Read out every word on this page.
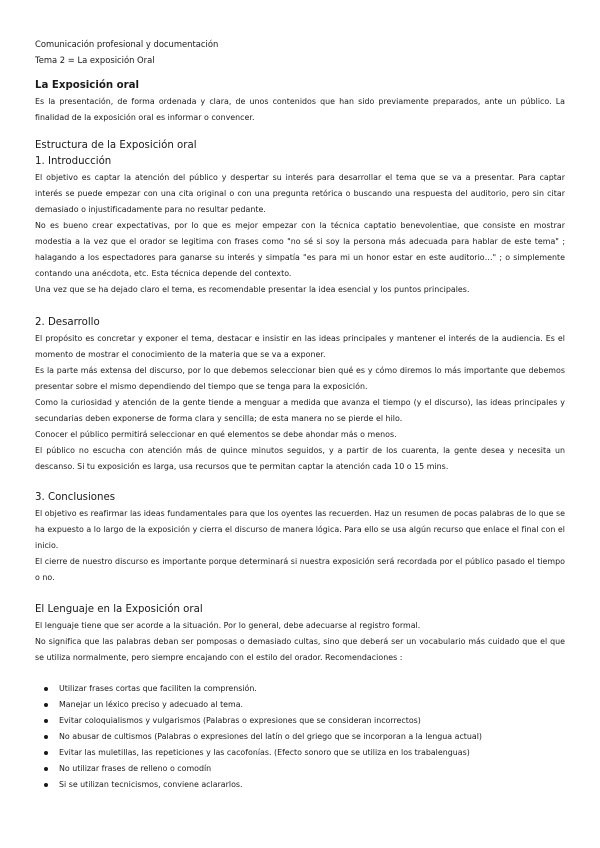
Comunicación profesional y documentación
Tema 2 = La exposición Oral
La Exposición oral

Es la presentación, de forma ordenada y clara, de unos contenidos que han sido previamente preparados, ante un público. La finalidad de la exposición oral es informar o convencer.

Estructura de la Exposición oral
1. Introducción

El objetivo es captar la atención del público y despertar su interés para desarrollar el tema que se va a presentar. Para captar interés se puede empezar con una cita original o con una pregunta retórica o buscando una respuesta del auditorio, pero sin citar demasiado o injustificadamente para no resultar pedante.

No es bueno crear expectativas, por lo que es mejor empezar con la técnica captatio benevolentiae, que consiste en mostrar modestia a la vez que el orador se legitima con frases como "no sé si soy la persona más adecuada para hablar de este tema" ; halagando a los espectadores para ganarse su interés y simpatía "es para mi un honor estar en este auditorio…" ; o simplemente contando una anécdota, etc. Esta técnica depende del contexto.

Una vez que se ha dejado claro el tema, es recomendable presentar la idea esencial y los puntos principales.

2. Desarrollo

El propósito es concretar y exponer el tema, destacar e insistir en las ideas principales y mantener el interés de la audiencia. Es el momento de mostrar el conocimiento de la materia que se va a exponer.

Es la parte más extensa del discurso, por lo que debemos seleccionar bien qué es y cómo diremos lo más importante que debemos presentar sobre el mismo dependiendo del tiempo que se tenga para la exposición.

Como la curiosidad y atención de la gente tiende a menguar a medida que avanza el tiempo (y el discurso), las ideas principales y secundarias deben exponerse de forma clara y sencilla; de esta manera no se pierde el hilo.

Conocer el público permitirá seleccionar en qué elementos se debe ahondar más o menos.

El público no escucha con atención más de quince minutos seguidos, y a partir de los cuarenta, la gente desea y necesita un descanso. Si tu exposición es larga, usa recursos que te permitan captar la atención cada 10 o 15 mins.

3. Conclusiones

El objetivo es reafirmar las ideas fundamentales para que los oyentes las recuerden. Haz un resumen de pocas palabras de lo que se ha expuesto a lo largo de la exposición y cierra el discurso de manera lógica. Para ello se usa algún recurso que enlace el final con el inicio.

El cierre de nuestro discurso es importante porque determinará si nuestra exposición será recordada por el público pasado el tiempo o no.

El Lenguaje en la Exposición oral

El lenguaje tiene que ser acorde a la situación. Por lo general, debe adecuarse al registro formal.

No significa que las palabras deban ser pomposas o demasiado cultas, sino que deberá ser un vocabulario más cuidado que el que se utiliza normalmente, pero siempre encajando con el estilo del orador. Recomendaciones :

Utilizar frases cortas que faciliten la comprensión.
Manejar un léxico preciso y adecuado al tema.
Evitar coloquialismos y vulgarismos (Palabras o expresiones que se consideran incorrectos)
No abusar de cultismos (Palabras o expresiones del latín o del griego que se incorporan a la lengua actual)
Evitar las muletillas, las repeticiones y las cacofonías. (Efecto sonoro que se utiliza en los trabalenguas)
No utilizar frases de relleno o comodín
Si se utilizan tecnicismos, conviene aclararlos.
